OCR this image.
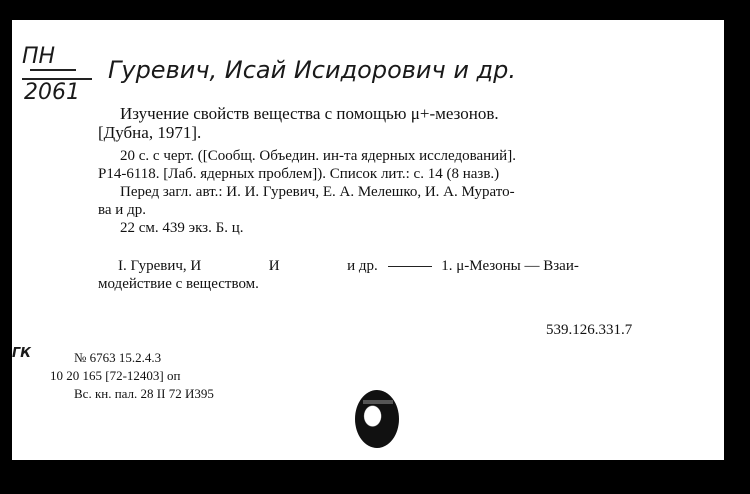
ПН
2061
Гуревич, Исай Исидорович и др.
Изучение свойств вещества с помощью μ+-мезонов.
[Дубна, 1971].
20 с. с черт. ([Сообщ. Объедин. ин-та ядерных исследований].
Р14-6118. [Лаб. ядерных проблем]). Список лит.: с. 14 (8 назв.)
Перед загл. авт.: И. И. Гуревич, Е. А. Мелешко, И. А. Мурато-
ва и др.
22 см. 439 экз. Б. ц.
I. Гуревич, И	И	и др.	1. μ-Мезоны — Взаи-
модействие с веществом.
539.126.331.7
ГК	№ 6763 15.2.4.3
10 20 165 [72-12403] оп
Вс. кн. пал. 28 II 72 И395
